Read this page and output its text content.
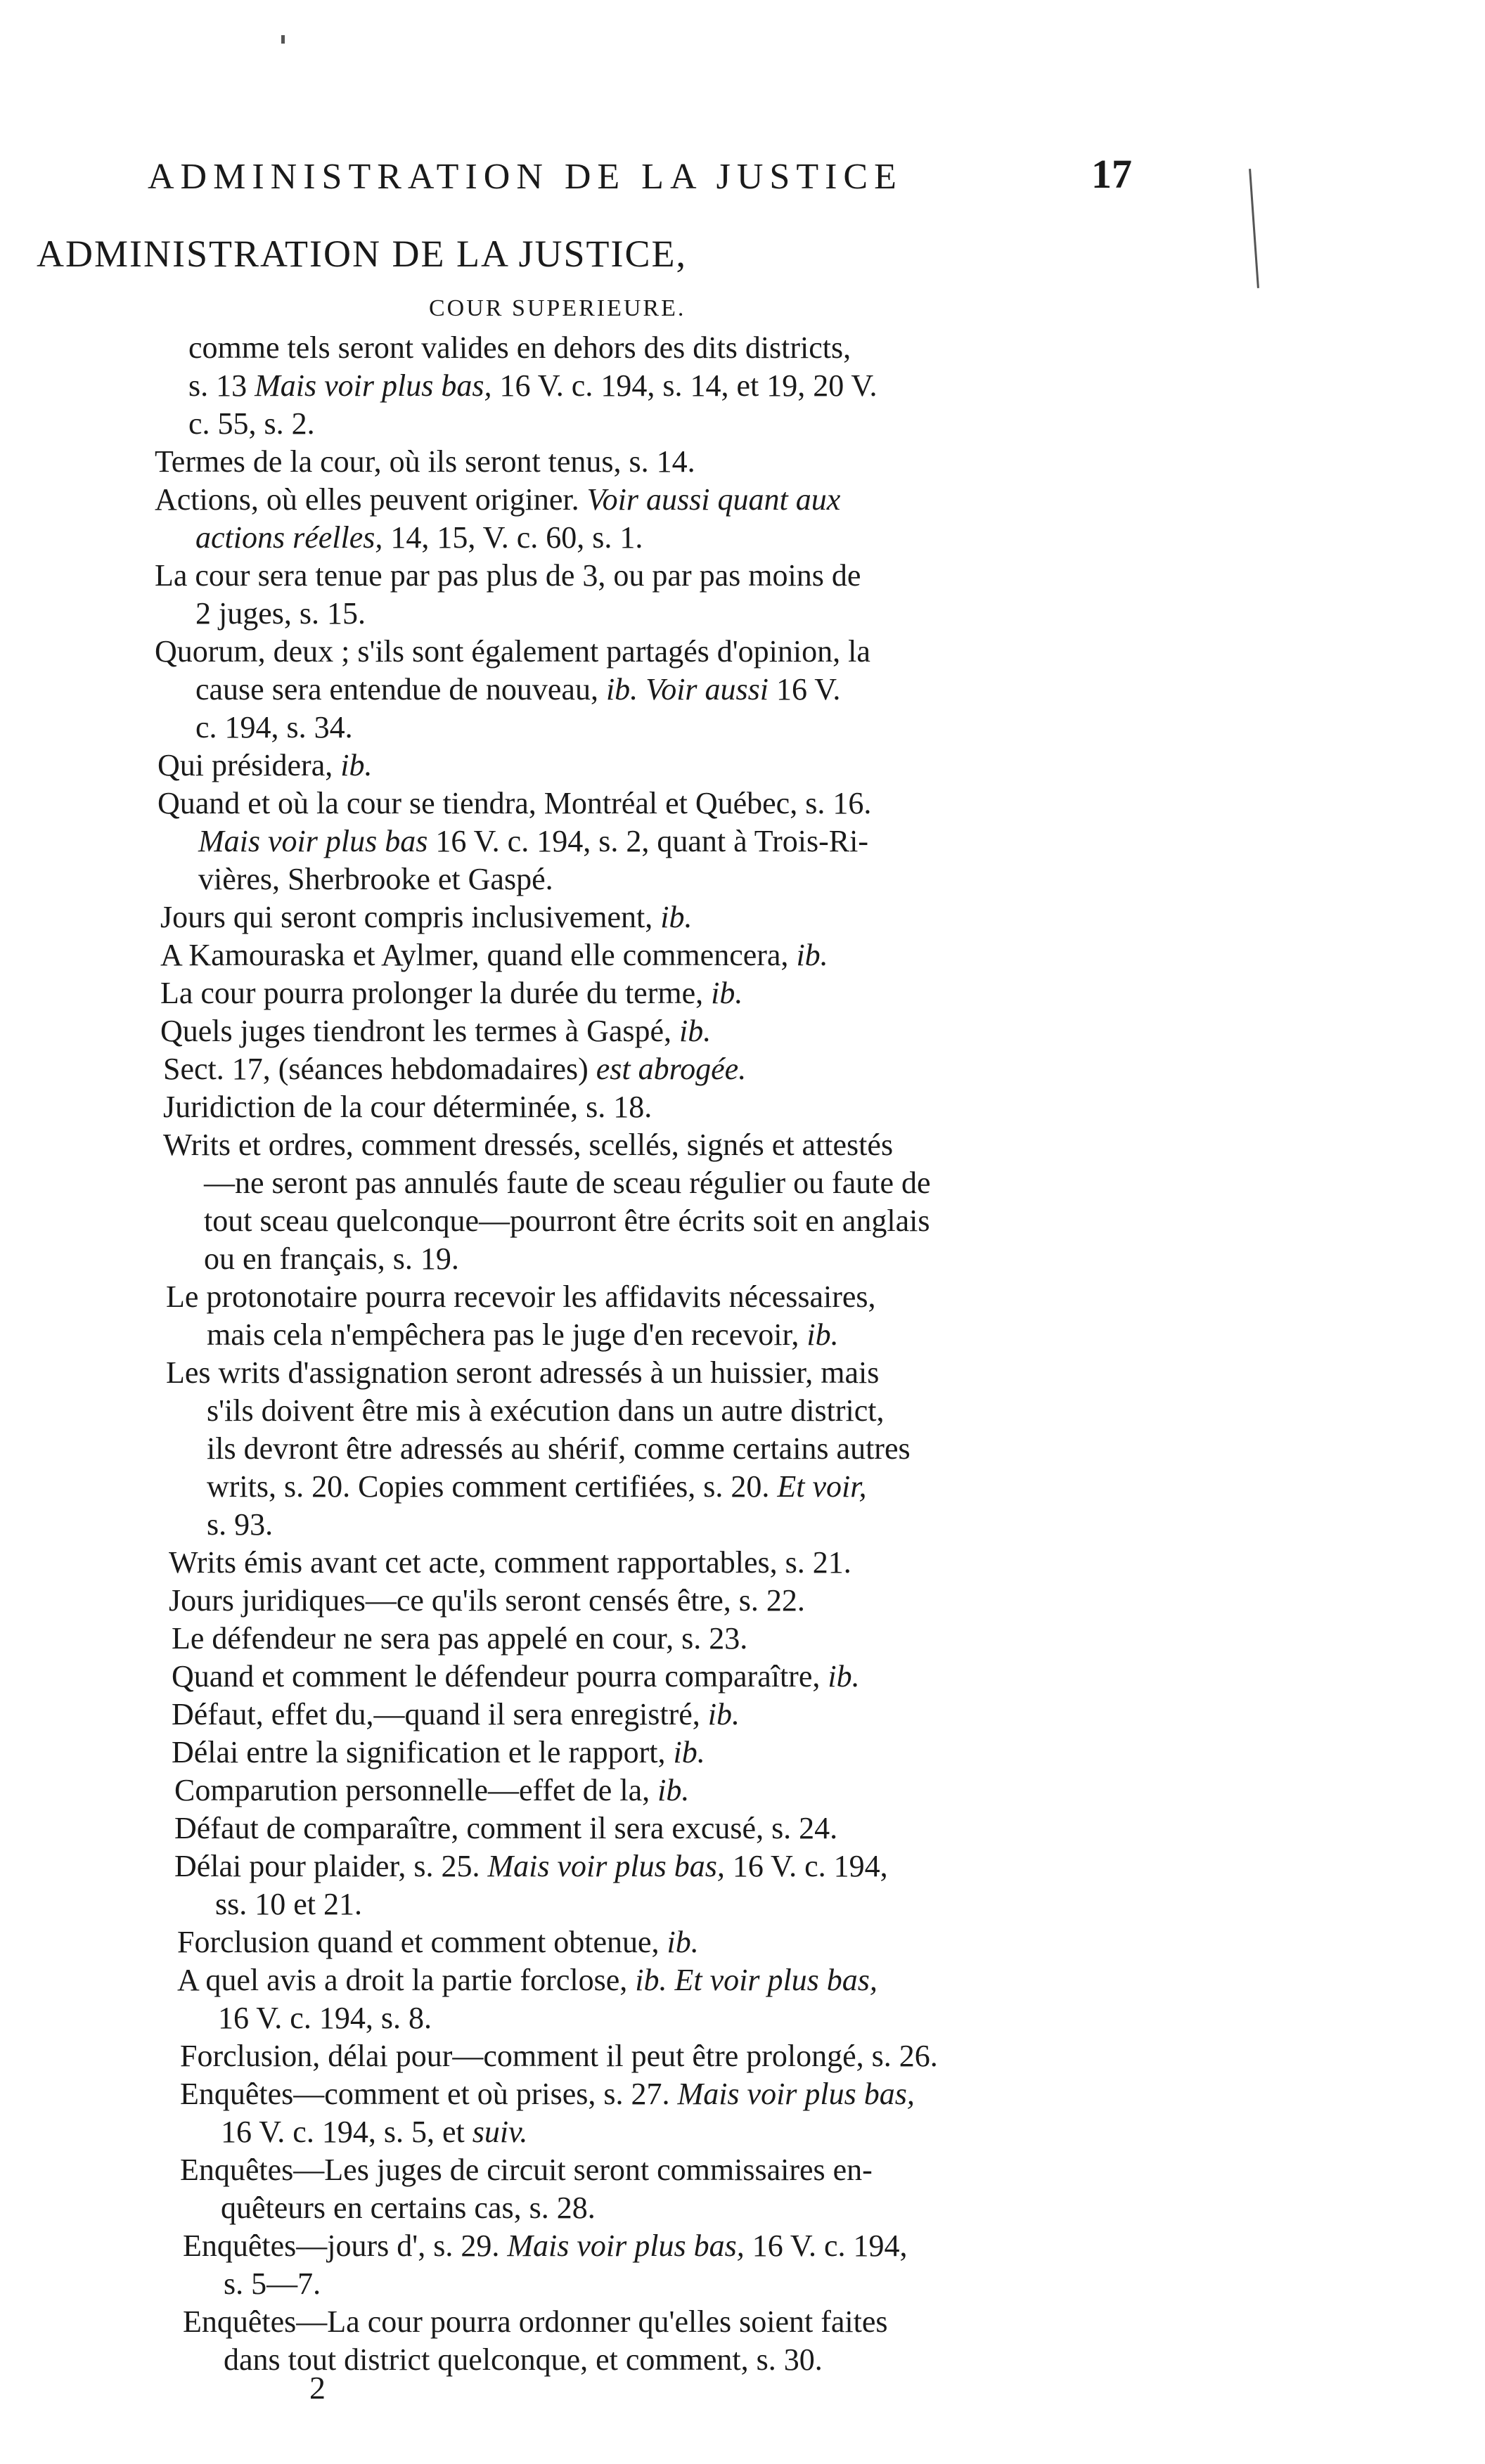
ADMINISTRATION DE LA JUSTICE	17
ADMINISTRATION DE LA JUSTICE,
COUR SUPERIEURE.
comme tels seront valides en dehors des dits districts,
s. 13 Mais voir plus bas, 16 V. c. 194, s. 14, et 19, 20 V.
c. 55, s. 2.
Termes de la cour, où ils seront tenus, s. 14.
Actions, où elles peuvent originer. Voir aussi quant aux
actions réelles, 14, 15, V. c. 60, s. 1.
La cour sera tenue par pas plus de 3, ou par pas moins de
2 juges, s. 15.
Quorum, deux ; s'ils sont également partagés d'opinion, la
cause sera entendue de nouveau, ib. Voir aussi 16 V.
c. 194, s. 34.
Qui présidera, ib.
Quand et où la cour se tiendra, Montréal et Québec, s. 16.
Mais voir plus bas 16 V. c. 194, s. 2, quant à Trois-Ri-
vières, Sherbrooke et Gaspé.
Jours qui seront compris inclusivement, ib.
A Kamouraska et Aylmer, quand elle commencera, ib.
La cour pourra prolonger la durée du terme, ib.
Quels juges tiendront les termes à Gaspé, ib.
Sect. 17, (séances hebdomadaires) est abrogée.
Juridiction de la cour déterminée, s. 18.
Writs et ordres, comment dressés, scellés, signés et attestés
—ne seront pas annulés faute de sceau régulier ou faute de
tout sceau quelconque—pourront être écrits soit en anglais
ou en français, s. 19.
Le protonotaire pourra recevoir les affidavits nécessaires,
mais cela n'empêchera pas le juge d'en recevoir, ib.
Les writs d'assignation seront adressés à un huissier, mais
s'ils doivent être mis à exécution dans un autre district,
ils devront être adressés au shérif, comme certains autres
writs, s. 20. Copies comment certifiées, s. 20. Et voir,
s. 93.
Writs émis avant cet acte, comment rapportables, s. 21.
Jours juridiques—ce qu'ils seront censés être, s. 22.
Le défendeur ne sera pas appelé en cour, s. 23.
Quand et comment le défendeur pourra comparaître, ib.
Défaut, effet du,—quand il sera enregistré, ib.
Délai entre la signification et le rapport, ib.
Comparution personnelle—effet de la, ib.
Défaut de comparaître, comment il sera excusé, s. 24.
Délai pour plaider, s. 25. Mais voir plus bas, 16 V. c. 194,
ss. 10 et 21.
Forclusion quand et comment obtenue, ib.
A quel avis a droit la partie forclose, ib. Et voir plus bas,
16 V. c. 194, s. 8.
Forclusion, délai pour—comment il peut être prolongé, s. 26.
Enquêtes—comment et où prises, s. 27. Mais voir plus bas,
16 V. c. 194, s. 5, et suiv.
Enquêtes—Les juges de circuit seront commissaires en-
quêteurs en certains cas, s. 28.
Enquêtes—jours d', s. 29. Mais voir plus bas, 16 V. c. 194,
s. 5—7.
Enquêtes—La cour pourra ordonner qu'elles soient faites
dans tout district quelconque, et comment, s. 30.
2
